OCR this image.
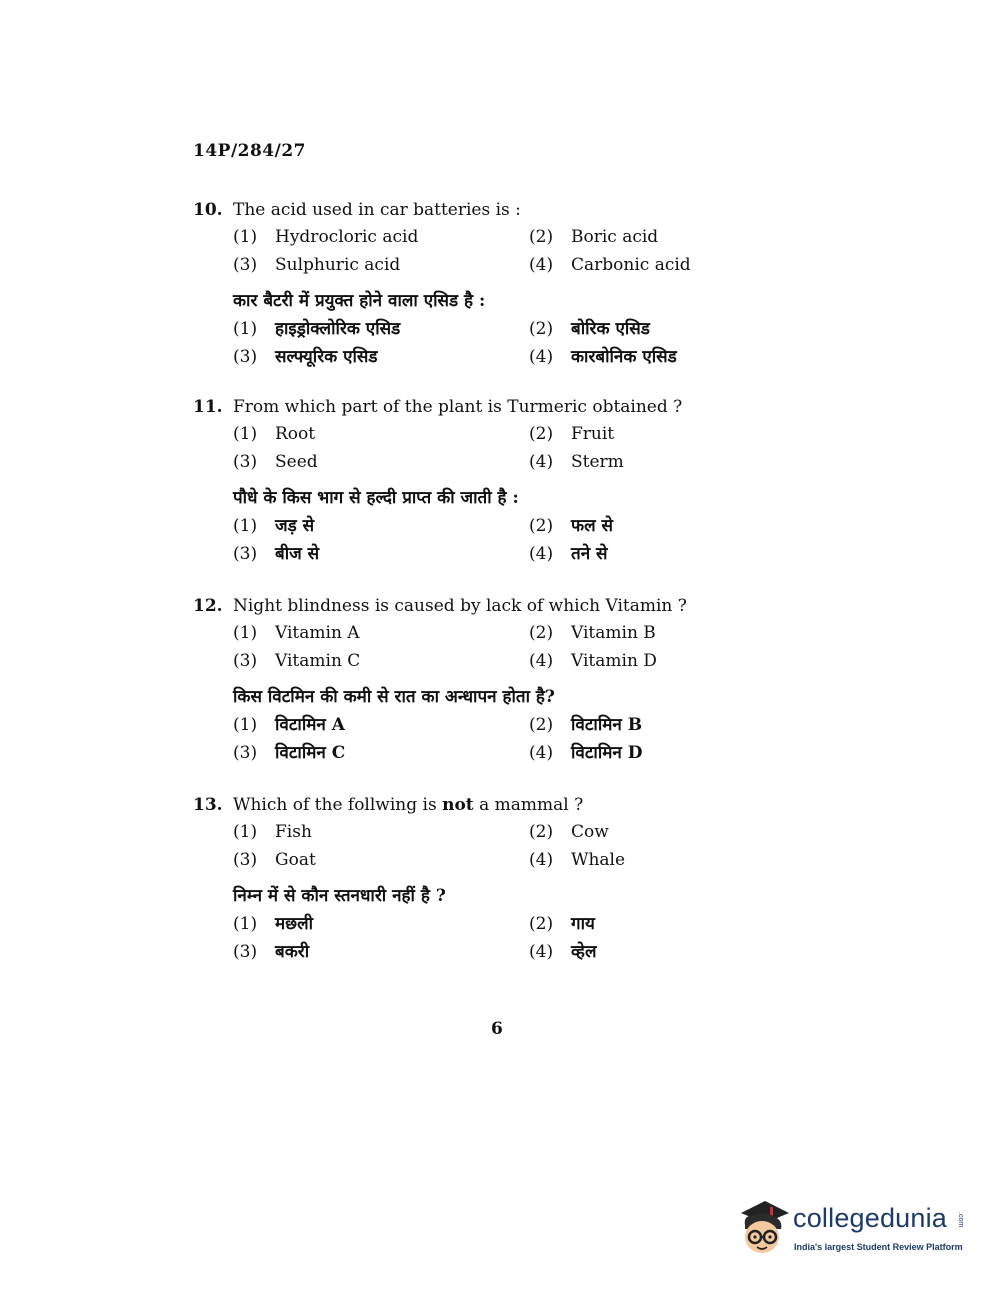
14P/284/27
10. The acid used in car batteries is :
(1) Hydrocloric acid	(2) Boric acid
(3) Sulphuric acid	(4) Carbonic acid
कार बैटरी में प्रयुक्त होने वाला एसिड है :
(1) हाइड्रोक्लोरिक एसिड	(2) बोरिक एसिड
(3) सल्फ्यूरिक एसिड	(4) कारबोनिक एसिड
11. From which part of the plant is Turmeric obtained ?
(1) Root	(2) Fruit
(3) Seed	(4) Sterm
पौधे के किस भाग से हल्दी प्राप्त की जाती है :
(1) जड़ से	(2) फल से
(3) बीज से	(4) तने से
12. Night blindness is caused by lack of which Vitamin ?
(1) Vitamin A	(2) Vitamin B
(3) Vitamin C	(4) Vitamin D
किस विटमिन की कमी से रात का अन्धापन होता है?
(1) विटामिन A	(2) विटामिन B
(3) विटामिन C	(4) विटामिन D
13. Which of the follwing is not a mammal ?
(1) Fish	(2) Cow
(3) Goat	(4) Whale
निम्न में से कौन स्तनधारी नहीं है ?
(1) मछली	(2) गाय
(3) बकरी	(4) व्हेल
6
collegedunia .com
India's largest Student Review Platform
